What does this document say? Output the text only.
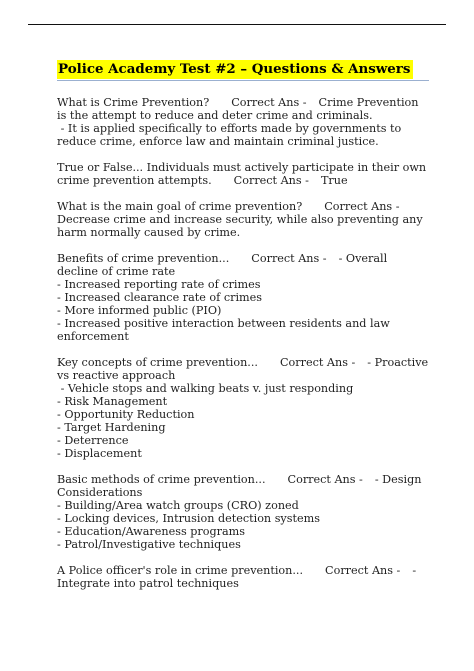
Police Academy Test #2 – Questions & Answers

What is Crime Prevention? Correct Ans - Crime Prevention is the attempt to reduce and deter crime and criminals.

- It is applied specifically to efforts made by governments to reduce crime, enforce law and maintain criminal justice.

True or False... Individuals must actively participate in their own crime prevention attempts. Correct Ans - True

What is the main goal of crime prevention? Correct Ans -Decrease crime and increase security, while also preventing any harm normally caused by crime.

Benefits of crime prevention... Correct Ans - - Overall decline of crime rate

- Increased reporting rate of crimes
- Increased clearance rate of crimes
- More informed public (PIO)
- Increased positive interaction between residents and law enforcement

Key concepts of crime prevention... Correct Ans - - Proactive vs reactive approach

- Vehicle stops and walking beats v. just responding
- Risk Management
- Opportunity Reduction
- Target Hardening
- Deterrence
- Displacement

Basic methods of crime prevention... Correct Ans - - Design Considerations

- Building/Area watch groups (CRO) zoned
- Locking devices, Intrusion detection systems
- Education/Awareness programs
- Patrol/Investigative techniques

A Police officer's role in crime prevention... Correct Ans - - Integrate into patrol techniques
